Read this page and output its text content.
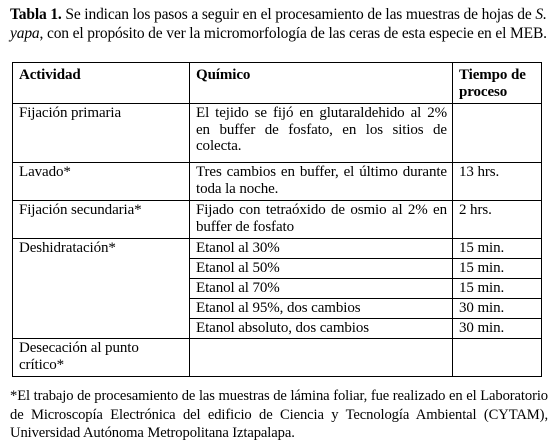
Tabla 1. Se indican los pasos a seguir en el procesamiento de las muestras de hojas de S. yapa, con el propósito de ver la micromorfología de las ceras de esta especie en el MEB.
Actividad	Químico	Tiempo de proceso
Fijación primaria	El tejido se fijó en glutaraldehido al 2% en buffer de fosfato, en los sitios de colecta.	
Lavado*	Tres cambios en buffer, el último durante toda la noche.	13 hrs.
Fijación secundaria*	Fijado con tetraóxido de osmio al 2% en buffer de fosfato	2 hrs.
Deshidratación*	Etanol al 30%	15 min.
	Etanol al 50%	15 min.
	Etanol al 70%	15 min.
	Etanol al 95%, dos cambios	30 min.
	Etanol absoluto, dos cambios	30 min.
Desecación al punto crítico*		
*El trabajo de procesamiento de las muestras de lámina foliar, fue realizado en el Laboratorio de Microscopía Electrónica del edificio de Ciencia y Tecnología Ambiental (CYTAM), Universidad Autónoma Metropolitana Iztapalapa.
